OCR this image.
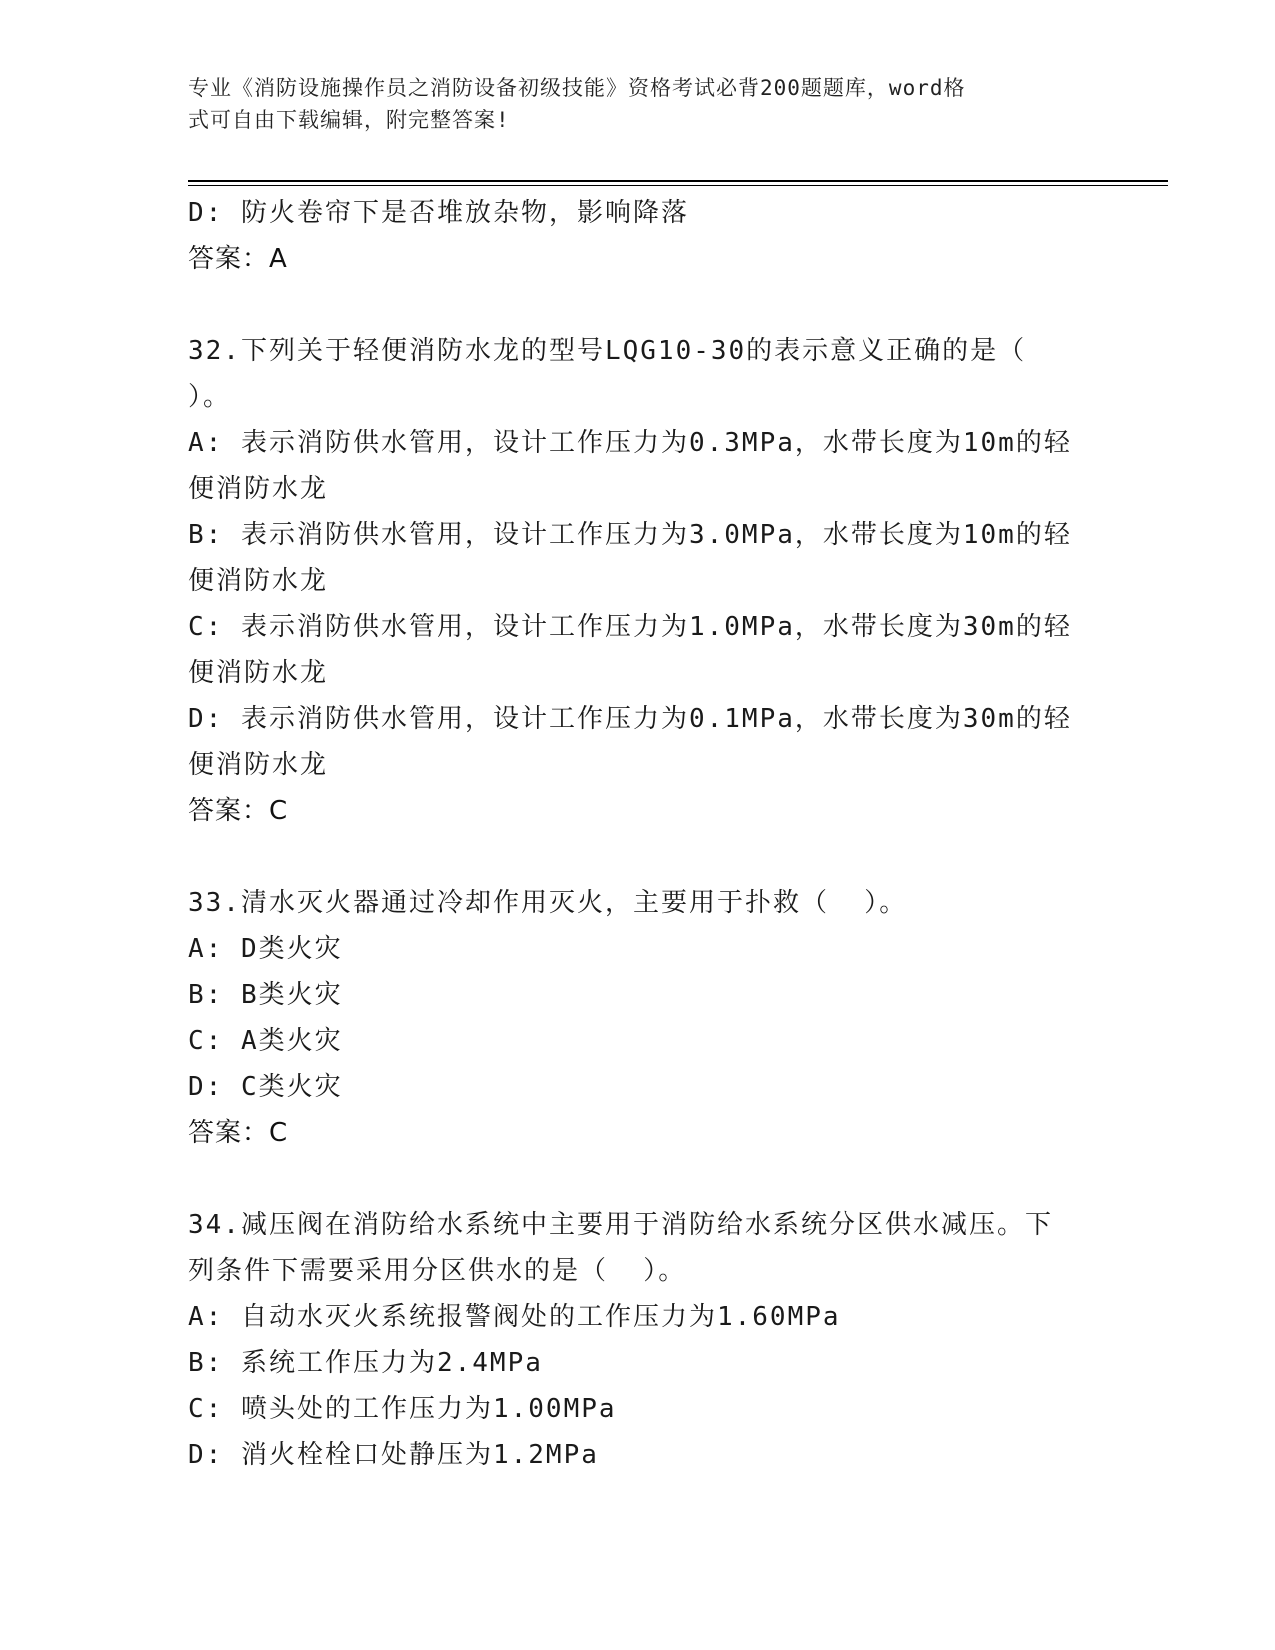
专业《消防设施操作员之消防设备初级技能》资格考试必背200题题库，word格
式可自由下载编辑，附完整答案!
D: 防火卷帘下是否堆放杂物，影响降落
答案：A
32.下列关于轻便消防水龙的型号LQG10-30的表示意义正确的是（
）。
A: 表示消防供水管用，设计工作压力为0.3MPa，水带长度为10m的轻
便消防水龙
B: 表示消防供水管用，设计工作压力为3.0MPa，水带长度为10m的轻
便消防水龙
C: 表示消防供水管用，设计工作压力为1.0MPa，水带长度为30m的轻
便消防水龙
D: 表示消防供水管用，设计工作压力为0.1MPa，水带长度为30m的轻
便消防水龙
答案：C
33.清水灭火器通过冷却作用灭火，主要用于扑救（  ）。
A: D类火灾
B: B类火灾
C: A类火灾
D: C类火灾
答案：C
34.减压阀在消防给水系统中主要用于消防给水系统分区供水减压。下
列条件下需要采用分区供水的是（  ）。
A: 自动水灭火系统报警阀处的工作压力为1.60MPa
B: 系统工作压力为2.4MPa
C: 喷头处的工作压力为1.00MPa
D: 消火栓栓口处静压为1.2MPa
